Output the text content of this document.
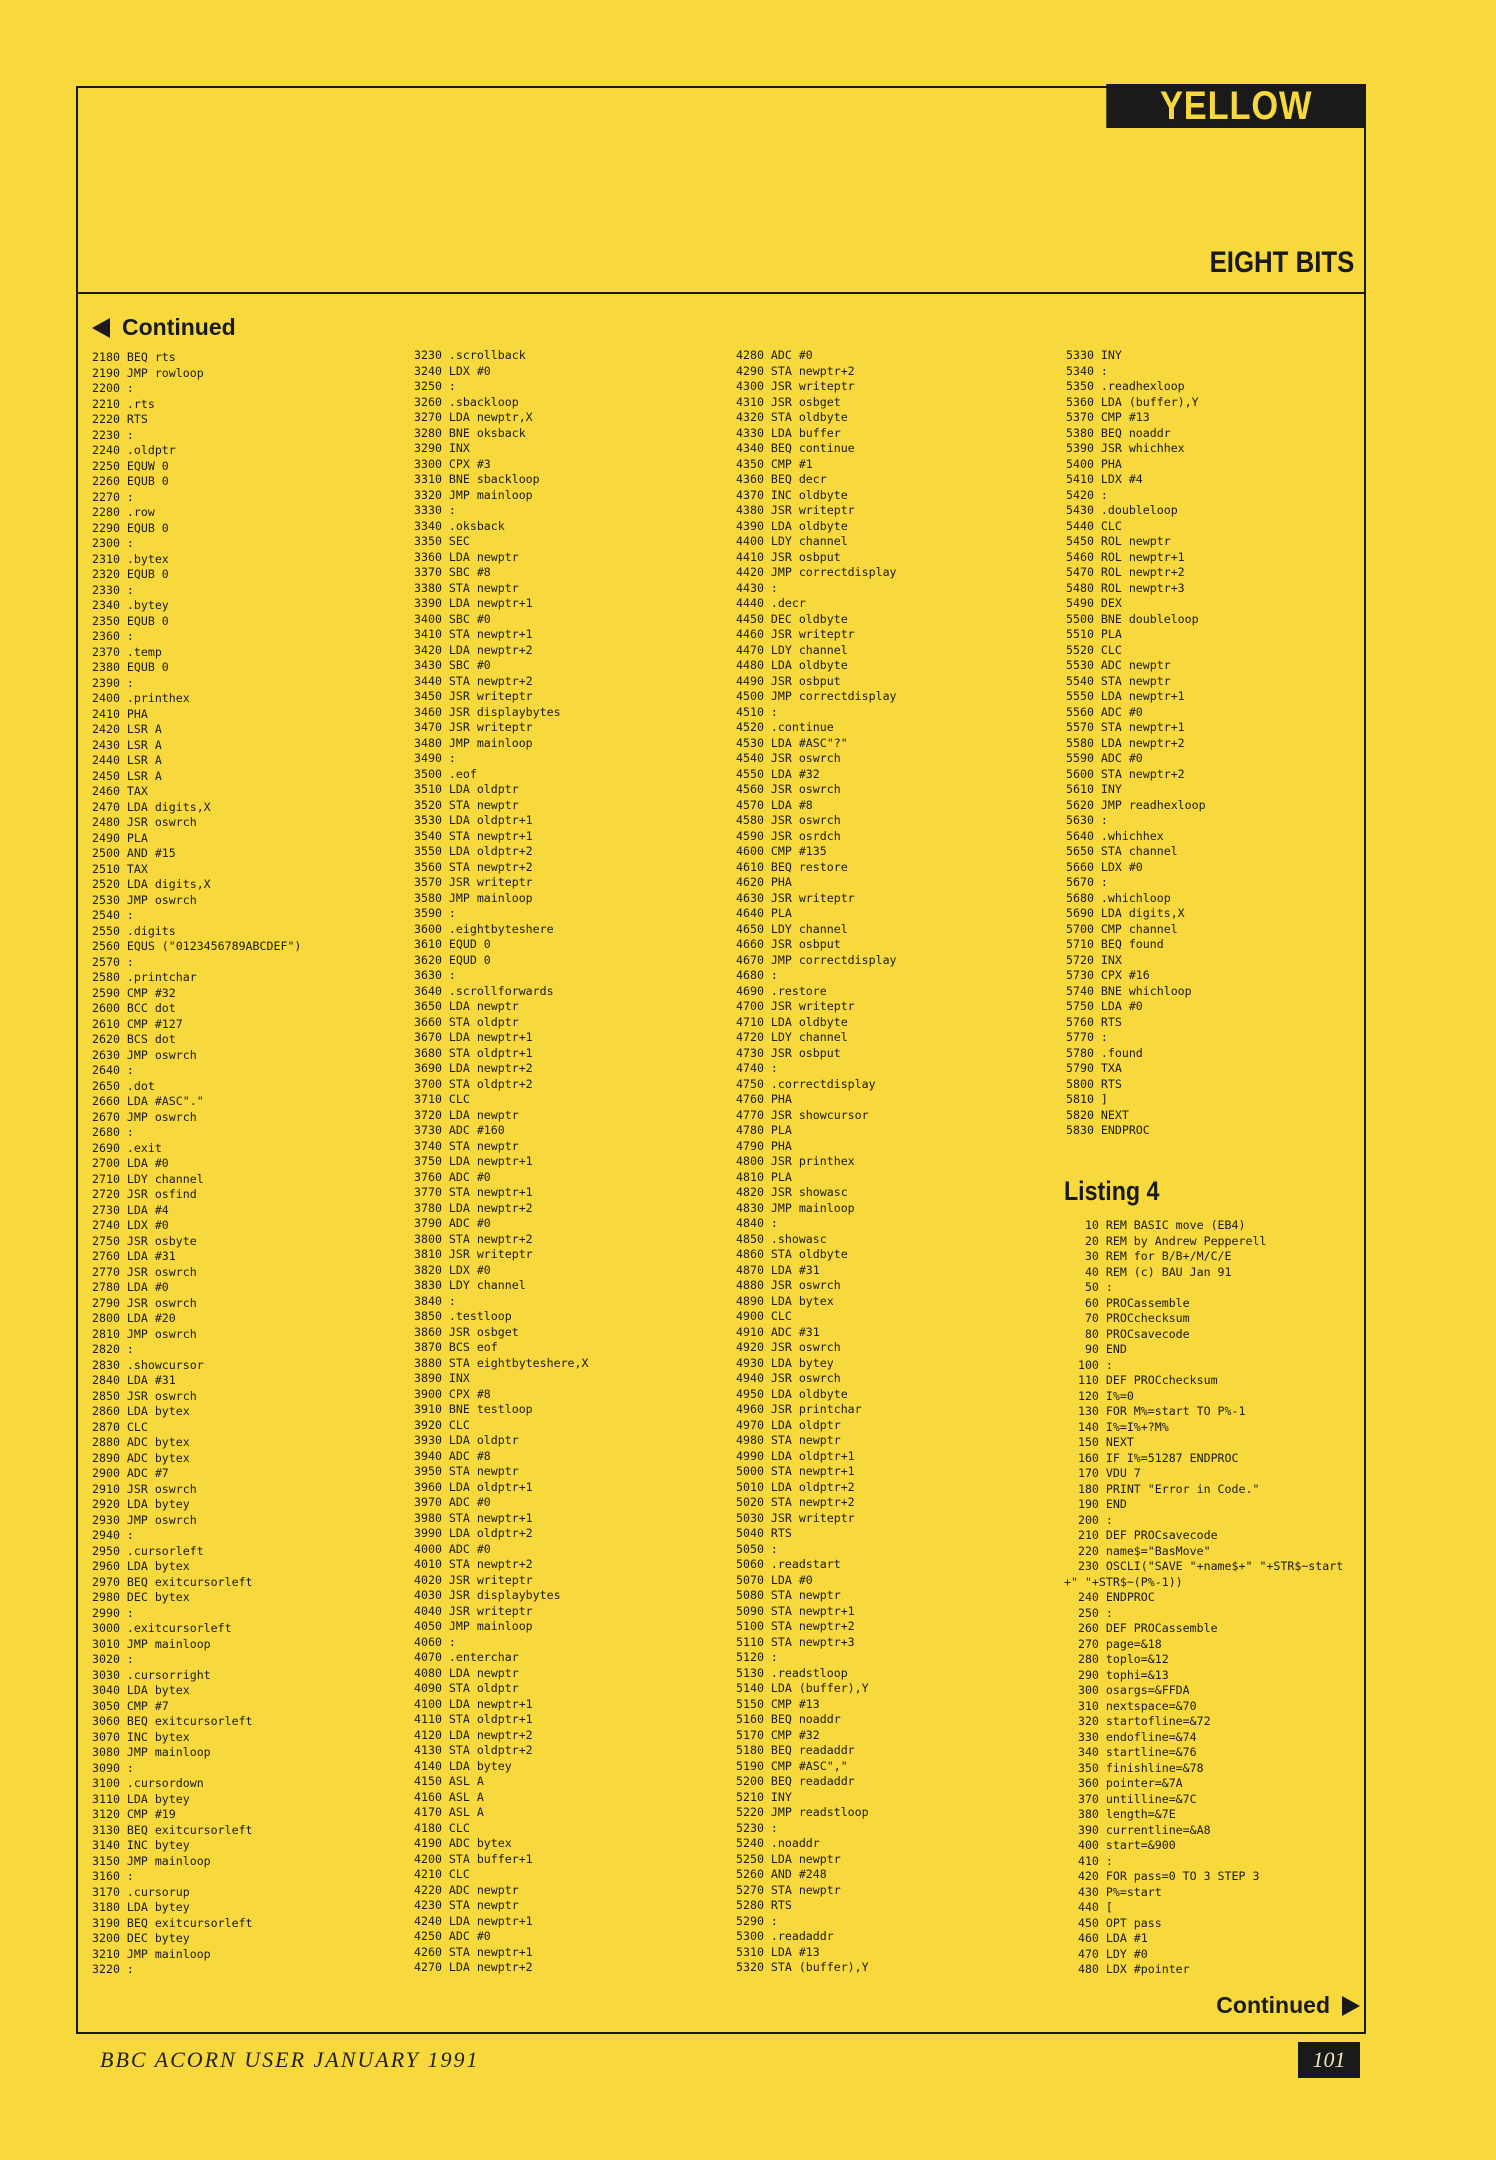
YELLOW PAGES
EIGHT BITS
Continued
2180 BEQ rts
2190 JMP rowloop
2200 :
2210 .rts
2220 RTS
2230 :
2240 .oldptr
2250 EQUW 0
2260 EQUB 0
2270 :
2280 .row
2290 EQUB 0
2300 :
2310 .bytex
2320 EQUB 0
2330 :
2340 .bytey
2350 EQUB 0
2360 :
2370 .temp
2380 EQUB 0
2390 :
2400 .printhex
2410 PHA
2420 LSR A
2430 LSR A
2440 LSR A
2450 LSR A
2460 TAX
2470 LDA digits,X
2480 JSR oswrch
2490 PLA
2500 AND #15
2510 TAX
2520 LDA digits,X
2530 JMP oswrch
2540 :
2550 .digits
2560 EQUS ("0123456789ABCDEF")
2570 :
2580 .printchar
2590 CMP #32
2600 BCC dot
2610 CMP #127
2620 BCS dot
2630 JMP oswrch
2640 :
2650 .dot
2660 LDA #ASC"."
2670 JMP oswrch
2680 :
2690 .exit
2700 LDA #0
2710 LDY channel
2720 JSR osfind
2730 LDA #4
2740 LDX #0
2750 JSR osbyte
2760 LDA #31
2770 JSR oswrch
2780 LDA #0
2790 JSR oswrch
2800 LDA #20
2810 JMP oswrch
2820 :
2830 .showcursor
2840 LDA #31
2850 JSR oswrch
2860 LDA bytex
2870 CLC
2880 ADC bytex
2890 ADC bytex
2900 ADC #7
2910 JSR oswrch
2920 LDA bytey
2930 JMP oswrch
2940 :
2950 .cursorleft
2960 LDA bytex
2970 BEQ exitcursorleft
2980 DEC bytex
2990 :
3000 .exitcursorleft
3010 JMP mainloop
3020 :
3030 .cursorright
3040 LDA bytex
3050 CMP #7
3060 BEQ exitcursorleft
3070 INC bytex
3080 JMP mainloop
3090 :
3100 .cursordown
3110 LDA bytey
3120 CMP #19
3130 BEQ exitcursorleft
3140 INC bytey
3150 JMP mainloop
3160 :
3170 .cursorup
3180 LDA bytey
3190 BEQ exitcursorleft
3200 DEC bytey
3210 JMP mainloop
3220 :
3230 .scrollback
3240 LDX #0
3250 :
3260 .sbackloop
3270 LDA newptr,X
3280 BNE oksback
3290 INX
3300 CPX #3
3310 BNE sbackloop
3320 JMP mainloop
3330 :
3340 .oksback
3350 SEC
3360 LDA newptr
3370 SBC #8
3380 STA newptr
3390 LDA newptr+1
3400 SBC #0
3410 STA newptr+1
3420 LDA newptr+2
3430 SBC #0
3440 STA newptr+2
3450 JSR writeptr
3460 JSR displaybytes
3470 JSR writeptr
3480 JMP mainloop
3490 :
3500 .eof
3510 LDA oldptr
3520 STA newptr
3530 LDA oldptr+1
3540 STA newptr+1
3550 LDA oldptr+2
3560 STA newptr+2
3570 JSR writeptr
3580 JMP mainloop
3590 :
3600 .eightbyteshere
3610 EQUD 0
3620 EQUD 0
3630 :
3640 .scrollforwards
3650 LDA newptr
3660 STA oldptr
3670 LDA newptr+1
3680 STA oldptr+1
3690 LDA newptr+2
3700 STA oldptr+2
3710 CLC
3720 LDA newptr
3730 ADC #160
3740 STA newptr
3750 LDA newptr+1
3760 ADC #0
3770 STA newptr+1
3780 LDA newptr+2
3790 ADC #0
3800 STA newptr+2
3810 JSR writeptr
3820 LDX #0
3830 LDY channel
3840 :
3850 .testloop
3860 JSR osbget
3870 BCS eof
3880 STA eightbyteshere,X
3890 INX
3900 CPX #8
3910 BNE testloop
3920 CLC
3930 LDA oldptr
3940 ADC #8
3950 STA newptr
3960 LDA oldptr+1
3970 ADC #0
3980 STA newptr+1
3990 LDA oldptr+2
4000 ADC #0
4010 STA newptr+2
4020 JSR writeptr
4030 JSR displaybytes
4040 JSR writeptr
4050 JMP mainloop
4060 :
4070 .enterchar
4080 LDA newptr
4090 STA oldptr
4100 LDA newptr+1
4110 STA oldptr+1
4120 LDA newptr+2
4130 STA oldptr+2
4140 LDA bytey
4150 ASL A
4160 ASL A
4170 ASL A
4180 CLC
4190 ADC bytex
4200 STA buffer+1
4210 CLC
4220 ADC newptr
4230 STA newptr
4240 LDA newptr+1
4250 ADC #0
4260 STA newptr+1
4270 LDA newptr+2
4280 ADC #0
4290 STA newptr+2
4300 JSR writeptr
4310 JSR osbget
4320 STA oldbyte
4330 LDA buffer
4340 BEQ continue
4350 CMP #1
4360 BEQ decr
4370 INC oldbyte
4380 JSR writeptr
4390 LDA oldbyte
4400 LDY channel
4410 JSR osbput
4420 JMP correctdisplay
4430 :
4440 .decr
4450 DEC oldbyte
4460 JSR writeptr
4470 LDY channel
4480 LDA oldbyte
4490 JSR osbput
4500 JMP correctdisplay
4510 :
4520 .continue
4530 LDA #ASC"?"
4540 JSR oswrch
4550 LDA #32
4560 JSR oswrch
4570 LDA #8
4580 JSR oswrch
4590 JSR osrdch
4600 CMP #135
4610 BEQ restore
4620 PHA
4630 JSR writeptr
4640 PLA
4650 LDY channel
4660 JSR osbput
4670 JMP correctdisplay
4680 :
4690 .restore
4700 JSR writeptr
4710 LDA oldbyte
4720 LDY channel
4730 JSR osbput
4740 :
4750 .correctdisplay
4760 PHA
4770 JSR showcursor
4780 PLA
4790 PHA
4800 JSR printhex
4810 PLA
4820 JSR showasc
4830 JMP mainloop
4840 :
4850 .showasc
4860 STA oldbyte
4870 LDA #31
4880 JSR oswrch
4890 LDA bytex
4900 CLC
4910 ADC #31
4920 JSR oswrch
4930 LDA bytey
4940 JSR oswrch
4950 LDA oldbyte
4960 JSR printchar
4970 LDA oldptr
4980 STA newptr
4990 LDA oldptr+1
5000 STA newptr+1
5010 LDA oldptr+2
5020 STA newptr+2
5030 JSR writeptr
5040 RTS
5050 :
5060 .readstart
5070 LDA #0
5080 STA newptr
5090 STA newptr+1
5100 STA newptr+2
5110 STA newptr+3
5120 :
5130 .readstloop
5140 LDA (buffer),Y
5150 CMP #13
5160 BEQ noaddr
5170 CMP #32
5180 BEQ readaddr
5190 CMP #ASC","
5200 BEQ readaddr
5210 INY
5220 JMP readstloop
5230 :
5240 .noaddr
5250 LDA newptr
5260 AND #248
5270 STA newptr
5280 RTS
5290 :
5300 .readaddr
5310 LDA #13
5320 STA (buffer),Y
5330 INY
5340 :
5350 .readhexloop
5360 LDA (buffer),Y
5370 CMP #13
5380 BEQ noaddr
5390 JSR whichhex
5400 PHA
5410 LDX #4
5420 :
5430 .doubleloop
5440 CLC
5450 ROL newptr
5460 ROL newptr+1
5470 ROL newptr+2
5480 ROL newptr+3
5490 DEX
5500 BNE doubleloop
5510 PLA
5520 CLC
5530 ADC newptr
5540 STA newptr
5550 LDA newptr+1
5560 ADC #0
5570 STA newptr+1
5580 LDA newptr+2
5590 ADC #0
5600 STA newptr+2
5610 INY
5620 JMP readhexloop
5630 :
5640 .whichhex
5650 STA channel
5660 LDX #0
5670 :
5680 .whichloop
5690 LDA digits,X
5700 CMP channel
5710 BEQ found
5720 INX
5730 CPX #16
5740 BNE whichloop
5750 LDA #0
5760 RTS
5770 :
5780 .found
5790 TXA
5800 RTS
5810 ]
5820 NEXT
5830 ENDPROC
Listing 4
10 REM BASIC move (EB4)
20 REM by Andrew Pepperell
30 REM for B/B+/M/C/E
40 REM (c) BAU Jan 91
50 :
60 PROCassemble
70 PROCchecksum
80 PROCsavecode
90 END
100 :
110 DEF PROCchecksum
120 I%=0
130 FOR M%=start TO P%-1
140 I%=I%+?M%
150 NEXT
160 IF I%=51287 ENDPROC
170 VDU 7
180 PRINT "Error in Code."
190 END
200 :
210 DEF PROCsavecode
220 name$="BasMove"
230 OSCLI("SAVE "+name$+" "+STR$~start
+" "+STR$~(P%-1))
240 ENDPROC
250 :
260 DEF PROCassemble
270 page=&18
280 toplo=&12
290 tophi=&13
300 osargs=&FFDA
310 nextspace=&70
320 startofline=&72
330 endofline=&74
340 startline=&76
350 finishline=&78
360 pointer=&7A
370 untilline=&7C
380 length=&7E
390 currentline=&A8
400 start=&900
410 :
420 FOR pass=0 TO 3 STEP 3
430 P%=start
440 [
450 OPT pass
460 LDA #1
470 LDY #0
480 LDX #pointer
Continued
BBC ACORN USER JANUARY 1991	101
